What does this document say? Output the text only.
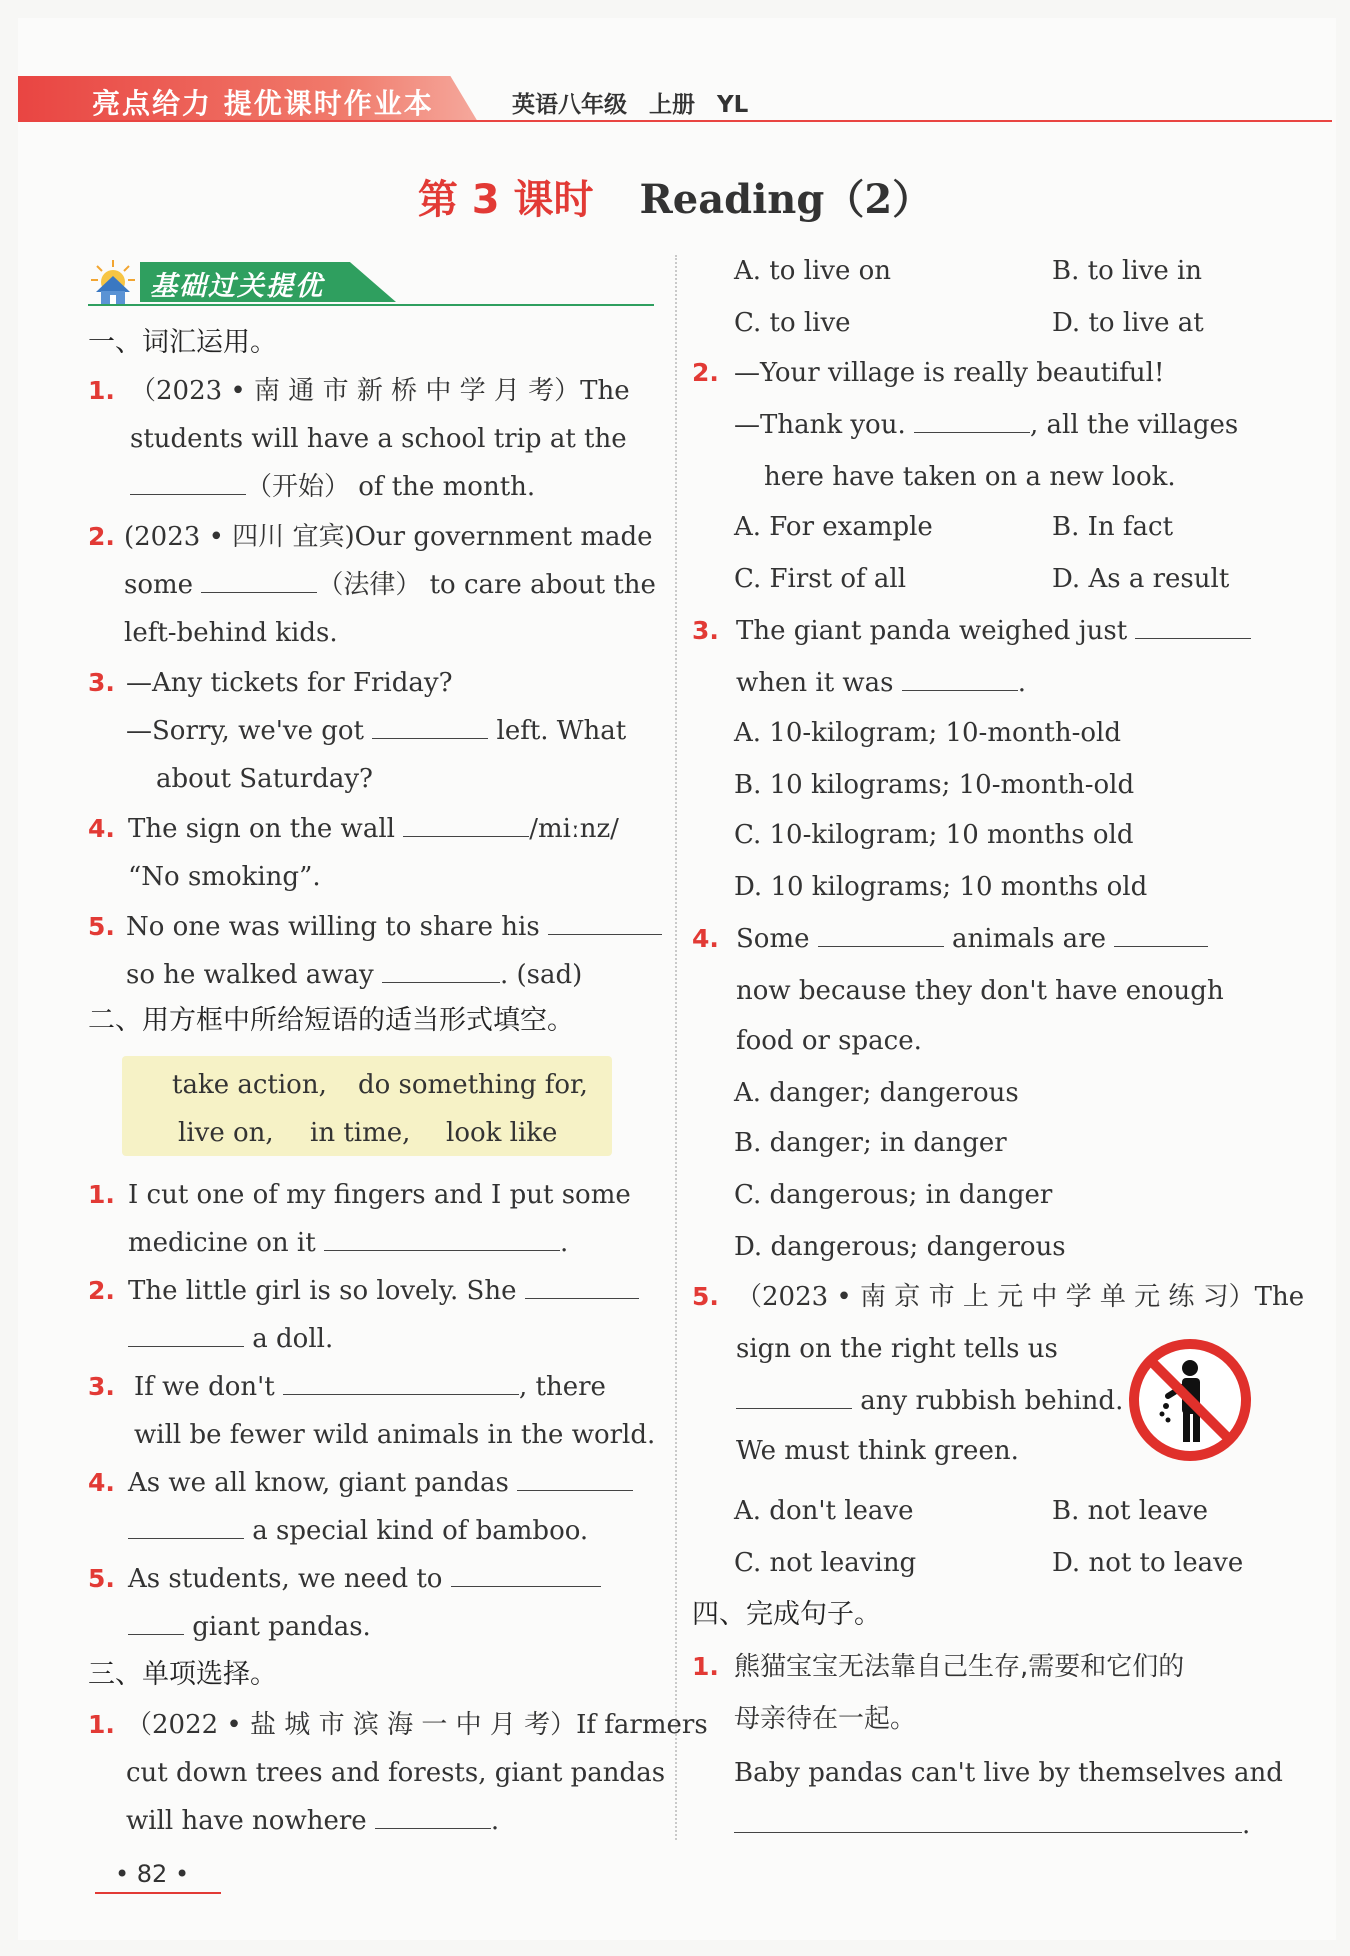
亮点给力 提优课时作业本	英语八年级 上册 YL
第 3 课时 Reading（2）
基础过关提优
一、词汇运用。
1. （2023 • 南 通 市 新 桥 中 学 月 考）The
students will have a school trip at the
（开始） of the month.
2. (2023 • 四川 宜宾)Our government made
some	（法律） to care about the
left-behind kids.
3. —Any tickets for Friday?
—Sorry, we've got	left. What
about Saturday?
4. The sign on the wall	/miːnz/
“No smoking”.
5. No one was willing to share his
so he walked away	. (sad)
二、用方框中所给短语的适当形式填空。
take action, do something for,
live on, in time, look like
1. I cut one of my fingers and I put some
medicine on it	.
2. The little girl is so lovely. She
a doll.
3. If we don't	, there
will be fewer wild animals in the world.
4. As we all know, giant pandas
a special kind of bamboo.
5. As students, we need to
giant pandas.
三、单项选择。
1. （2022 • 盐 城 市 滨 海 一 中 月 考）If farmers
cut down trees and forests, giant pandas
will have nowhere	.
• 82 •
A. to live on	B. to live in
C. to live	D. to live at
2. —Your village is really beautiful!
—Thank you.	, all the villages
here have taken on a new look.
A. For example	B. In fact
C. First of all	D. As a result
3. The giant panda weighed just
when it was	.
A. 10-kilogram; 10-month-old
B. 10 kilograms; 10-month-old
C. 10-kilogram; 10 months old
D. 10 kilograms; 10 months old
4. Some	animals are
now because they don't have enough
food or space.
A. danger; dangerous
B. danger; in danger
C. dangerous; in danger
D. dangerous; dangerous
5. （2023 • 南 京 市 上 元 中 学 单 元 练 习）The
sign on the right tells us
any rubbish behind.
We must think green.
A. don't leave	B. not leave
C. not leaving	D. not to leave
四、完成句子。
1. 熊猫宝宝无法靠自己生存,需要和它们的
母亲待在一起。
Baby pandas can't live by themselves and
.
